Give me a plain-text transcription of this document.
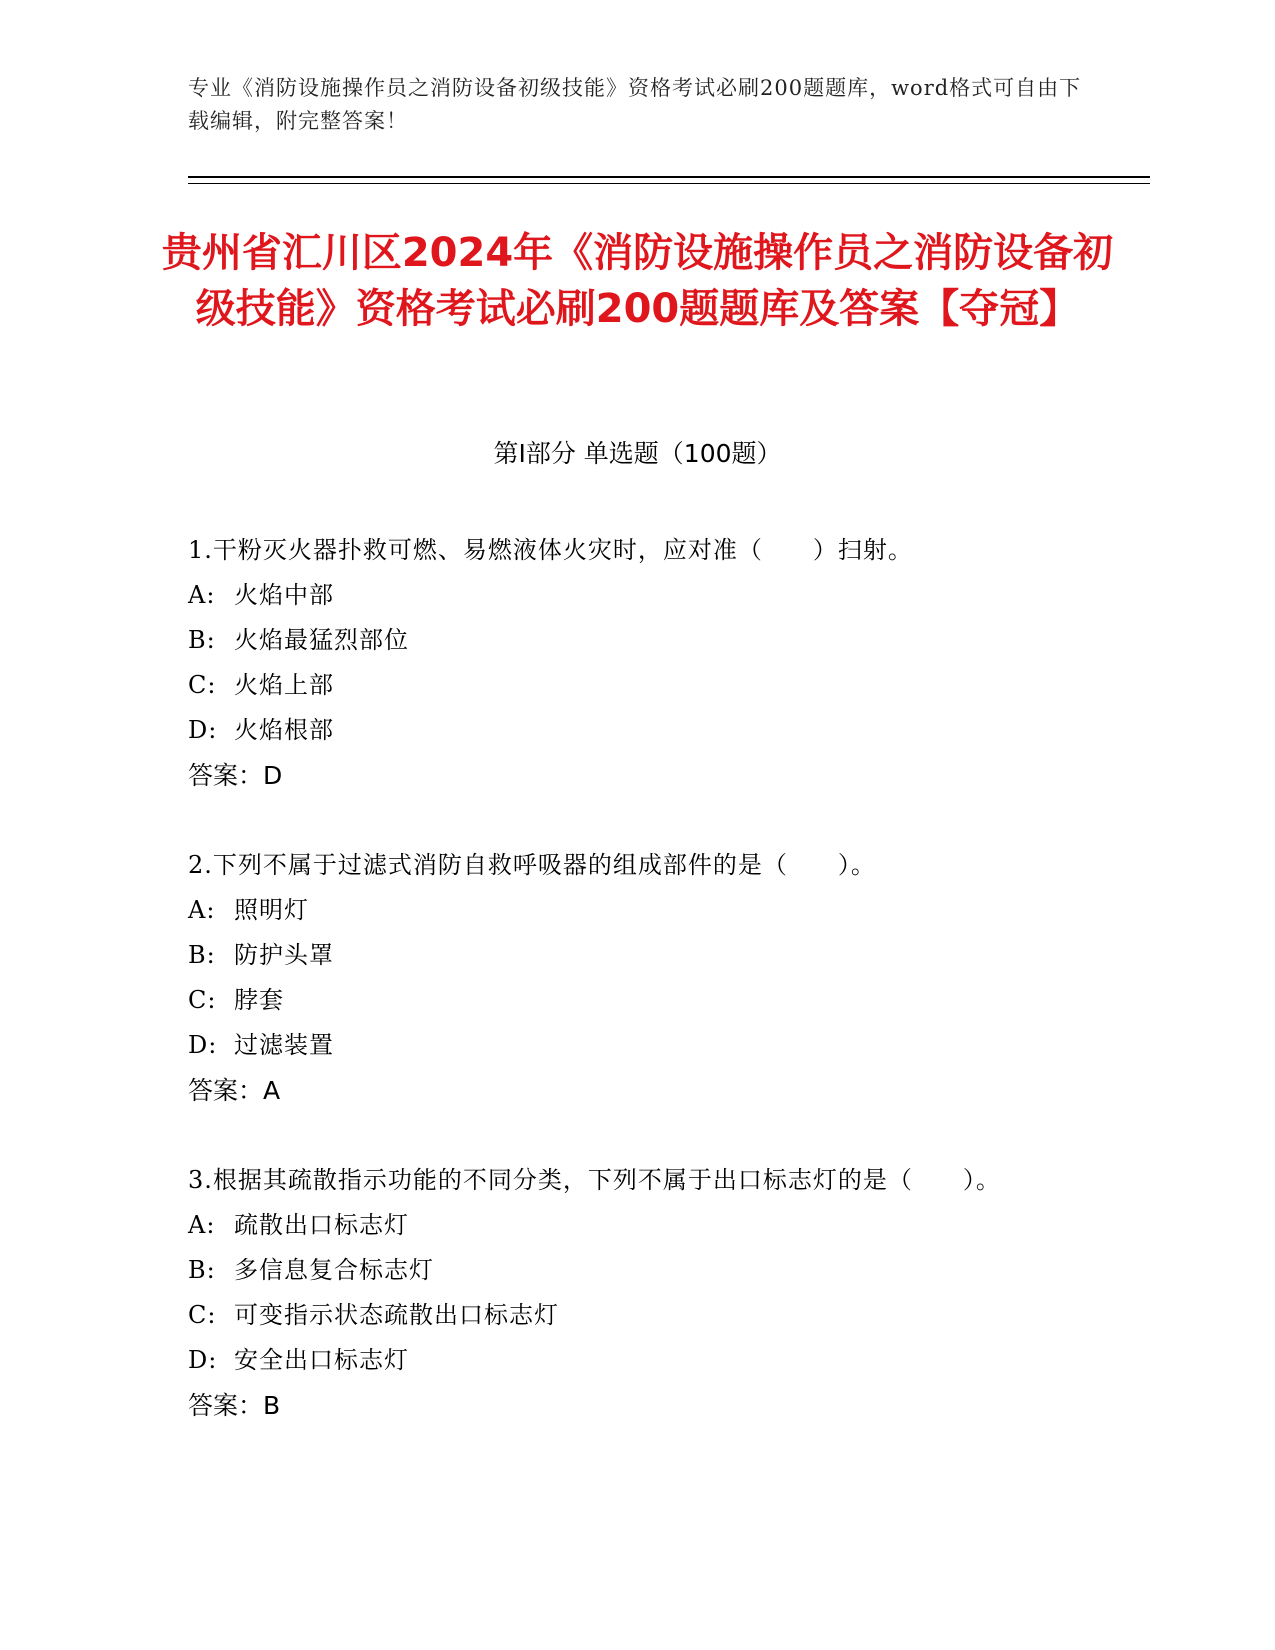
专业《消防设施操作员之消防设备初级技能》资格考试必刷200题题库，word格式可自由下载编辑，附完整答案！
贵州省汇川区2024年《消防设施操作员之消防设备初级技能》资格考试必刷200题题库及答案【夺冠】
第Ⅰ部分 单选题（100题）

1.干粉灭火器扑救可燃、易燃液体火灾时，应对准（　　）扫射。

A: 火焰中部

B: 火焰最猛烈部位

C: 火焰上部

D: 火焰根部

答案：D

2.下列不属于过滤式消防自救呼吸器的组成部件的是（　　）。

A: 照明灯

B: 防护头罩

C: 脖套

D: 过滤装置

答案：A

3.根据其疏散指示功能的不同分类，下列不属于出口标志灯的是（　　）。

A: 疏散出口标志灯

B: 多信息复合标志灯

C: 可变指示状态疏散出口标志灯

D: 安全出口标志灯

答案：B
